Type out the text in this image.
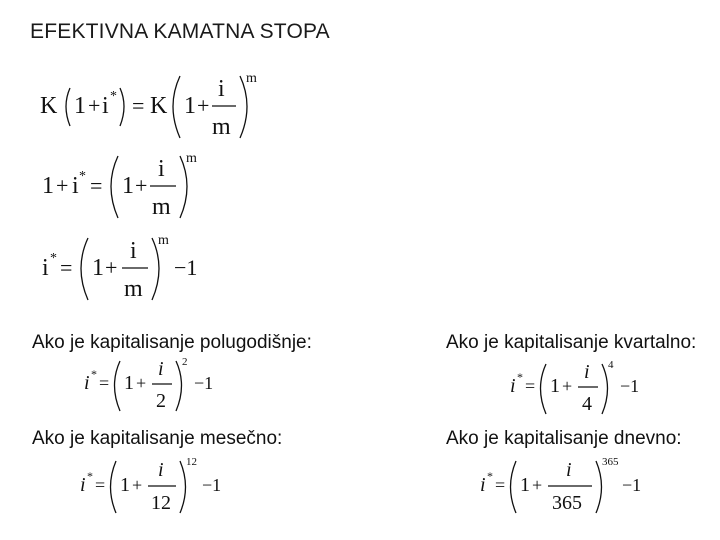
EFEKTIVNA KAMATNA STOPA
K 1 + i * = K 1 +
i
m
m
1 + i * = 1 +
i
m
m
i * = 1 +
i
m
m
−1
Ako je kapitalisanje polugodišnje:	Ako je kapitalisanje kvartalno:
Ako je kapitalisanje mesečno:	Ako je kapitalisanje dnevno:
i * = 1 +
i
2
2
−1	i * = 1 +
i
4
4
−1
i * = 1 +
i
12
12
−1	i * = 1 +
i
365
365
−1
